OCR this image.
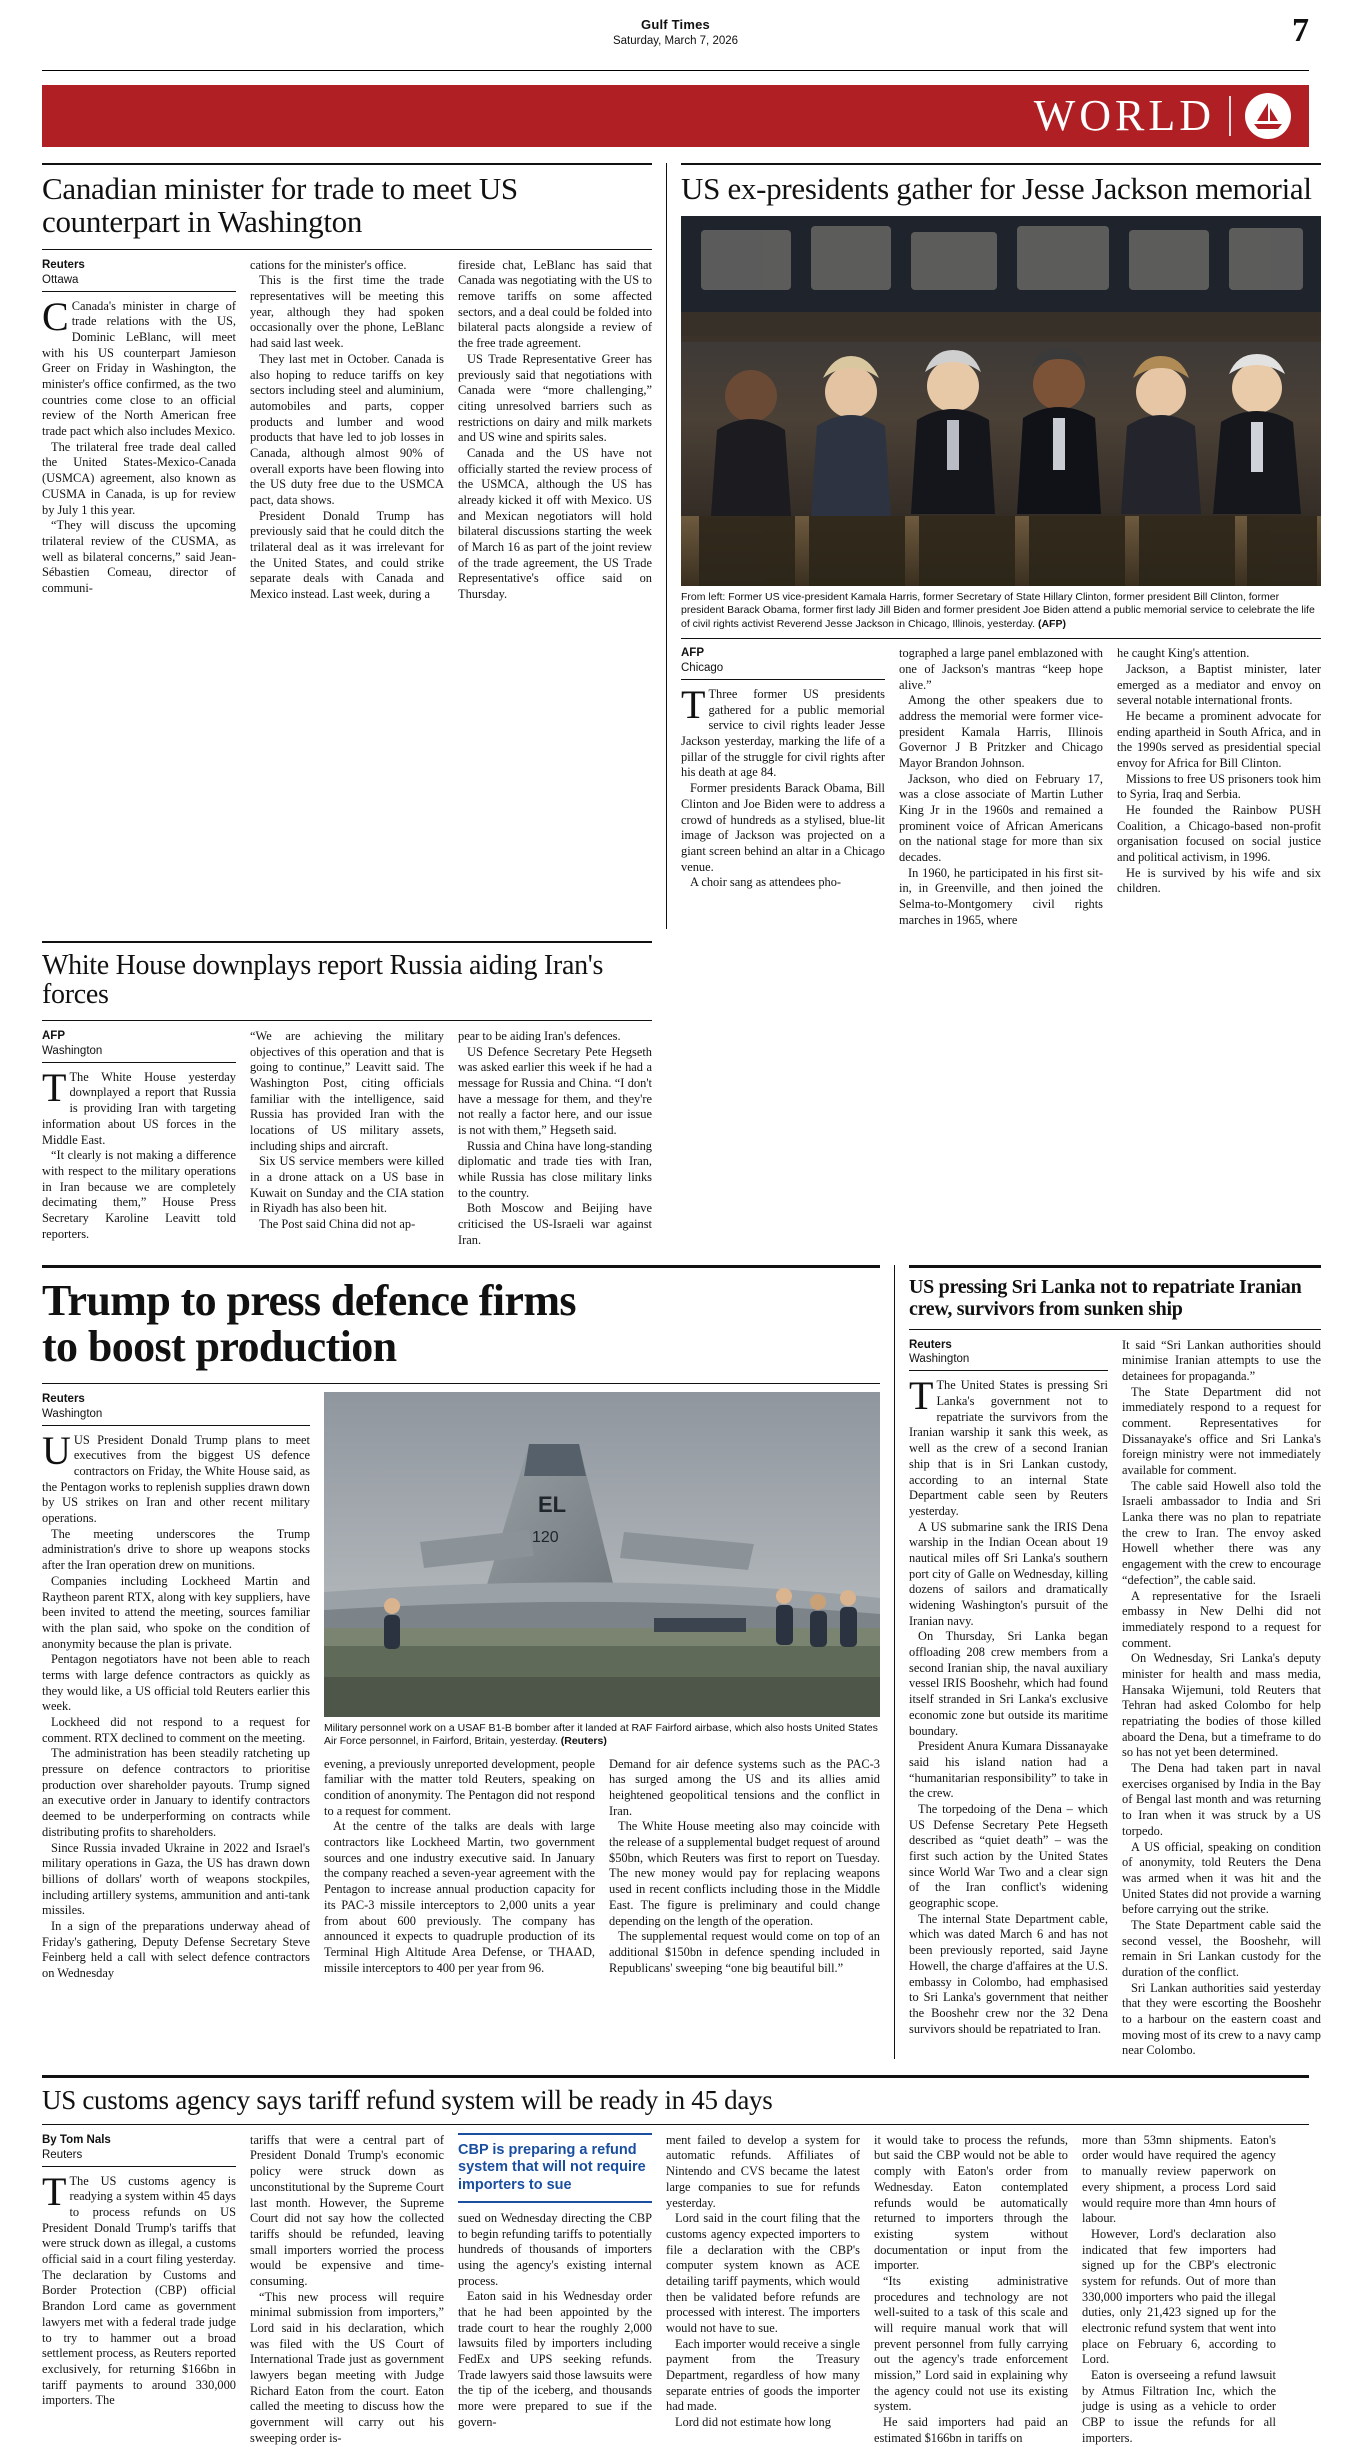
Gulf Times
Saturday, March 7, 2026	7
WORLD
Canadian minister for trade to meet US counterpart in Washington
Reuters
Ottawa

C Canada's minister in charge of trade relations with the US, Dominic LeBlanc, will meet with his US counterpart Jamieson Greer on Friday in Washington, the minister's office confirmed, as the two countries come close to an official review of the North American free trade pact which also includes Mexico.

The trilateral free trade deal called the United States-Mexico-Canada (USMCA) agreement, also known as CUSMA in Canada, is up for review by July 1 this year.

“They will discuss the upcoming trilateral review of the CUSMA, as well as bilateral concerns,” said Jean-Sébastien Comeau, director of communi-

cations for the minister's office.

This is the first time the trade representatives will be meeting this year, although they had spoken occasionally over the phone, LeBlanc had said last week.

They last met in October. Canada is also hoping to reduce tariffs on key sectors including steel and aluminium, automobiles and parts, copper products and lumber and wood products that have led to job losses in Canada, although almost 90% of overall exports have been flowing into the US duty free due to the USMCA pact, data shows.

President Donald Trump has previously said that he could ditch the trilateral deal as it was irrelevant for the United States, and could strike separate deals with Canada and Mexico instead. Last week, during a

fireside chat, LeBlanc has said that Canada was negotiating with the US to remove tariffs on some affected sectors, and a deal could be folded into bilateral pacts alongside a review of the free trade agreement.

US Trade Representative Greer has previously said that negotiations with Canada were “more challenging,” citing unresolved barriers such as restrictions on dairy and milk markets and US wine and spirits sales.

Canada and the US have not officially started the review process of the USMCA, although the US has already kicked it off with Mexico. US and Mexican negotiators will hold bilateral discussions starting the week of March 16 as part of the joint review of the trade agreement, the US Trade Representative's office said on Thursday.

US ex-presidents gather for Jesse Jackson memorial

From left: Former US vice-president Kamala Harris, former Secretary of State Hillary Clinton, former president Bill Clinton, former president Barack Obama, former first lady Jill Biden and former president Joe Biden attend a public memorial service to celebrate the life of civil rights activist Reverend Jesse Jackson in Chicago, Illinois, yesterday. (AFP)

AFP
Chicago

T Three former US presidents gathered for a public memorial service to civil rights leader Jesse Jackson yesterday, marking the life of a pillar of the struggle for civil rights after his death at age 84.

Former presidents Barack Obama, Bill Clinton and Joe Biden were to address a crowd of hundreds as a stylised, blue-lit image of Jackson was projected on a giant screen behind an altar in a Chicago venue.

A choir sang as attendees pho-

tographed a large panel emblazoned with one of Jackson's mantras “keep hope alive.”

Among the other speakers due to address the memorial were former vice-president Kamala Harris, Illinois Governor J B Pritzker and Chicago Mayor Brandon Johnson.

Jackson, who died on February 17, was a close associate of Martin Luther King Jr in the 1960s and remained a prominent voice of African Americans on the national stage for more than six decades.

In 1960, he participated in his first sit-in, in Greenville, and then joined the Selma-to-Montgomery civil rights marches in 1965, where

he caught King's attention.

Jackson, a Baptist minister, later emerged as a mediator and envoy on several notable international fronts.

He became a prominent advocate for ending apartheid in South Africa, and in the 1990s served as presidential special envoy for Africa for Bill Clinton.

Missions to free US prisoners took him to Syria, Iraq and Serbia.

He founded the Rainbow PUSH Coalition, a Chicago-based non-profit organisation focused on social justice and political activism, in 1996.

He is survived by his wife and six children.

White House downplays report Russia aiding Iran's forces
AFP
Washington

T The White House yesterday downplayed a report that Russia is providing Iran with targeting information about US forces in the Middle East.

“It clearly is not making a difference with respect to the military operations in Iran because we are completely decimating them,” House Press Secretary Karoline Leavitt told reporters.

“We are achieving the military objectives of this operation and that is going to continue,” Leavitt said. The Washington Post, citing officials familiar with the intelligence, said Russia has provided Iran with the locations of US military assets, including ships and aircraft.

Six US service members were killed in a drone attack on a US base in Kuwait on Sunday and the CIA station in Riyadh has also been hit.

The Post said China did not ap-

pear to be aiding Iran's defences.

US Defence Secretary Pete Hegseth was asked earlier this week if he had a message for Russia and China. “I don't have a message for them, and they're not really a factor here, and our issue is not with them,” Hegseth said.

Russia and China have long-standing diplomatic and trade ties with Iran, while Russia has close military links to the country.

Both Moscow and Beijing have criticised the US-Israeli war against Iran.

Trump to press defence firms to boost production
Reuters
Washington

UUS President Donald Trump plans to meet executives from the biggest US defence contractors on Friday, the White House said, as the Pentagon works to replenish supplies drawn down by US strikes on Iran and other recent military operations.

The meeting underscores the Trump administration's drive to shore up weapons stocks after the Iran operation drew on munitions.

Companies including Lockheed Martin and Raytheon parent RTX, along with key suppliers, have been invited to attend the meeting, sources familiar with the plan said, who spoke on the condition of anonymity because the plan is private.

Pentagon negotiators have not been able to reach terms with large defence contractors as quickly as they would like, a US official told Reuters earlier this week.

Lockheed did not respond to a request for comment. RTX declined to comment on the meeting.

The administration has been steadily ratcheting up pressure on defence contractors to prioritise production over shareholder payouts. Trump signed an executive order in January to identify contractors deemed to be underperforming on contracts while distributing profits to shareholders.

Since Russia invaded Ukraine in 2022 and Israel's military operations in Gaza, the US has drawn down billions of dollars' worth of weapons stockpiles, including artillery systems, ammunition and anti-tank missiles.

In a sign of the preparations underway ahead of Friday's gathering, Deputy Defense Secretary Steve Feinberg held a call with select defence contractors on Wednesday

EL
120

Military personnel work on a USAF B1-B bomber after it landed at RAF Fairford airbase, which also hosts United States Air Force personnel, in Fairford, Britain, yesterday. (Reuters)

evening, a previously unreported development, people familiar with the matter told Reuters, speaking on condition of anonymity. The Pentagon did not respond to a request for comment.

At the centre of the talks are deals with large contractors like Lockheed Martin, two government sources and one industry executive said. In January the company reached a seven-year agreement with the Pentagon to increase annual production capacity for its PAC-3 missile interceptors to 2,000 units a year from about 600 previously. The company has announced it expects to quadruple production of its Terminal High Altitude Area Defense, or THAAD, missile interceptors to 400 per year from 96.

Demand for air defence systems such as the PAC-3 has surged among the US and its allies amid heightened geopolitical tensions and the conflict in Iran.

The White House meeting also may coincide with the release of a supplemental budget request of around $50bn, which Reuters was first to report on Tuesday. The new money would pay for replacing weapons used in recent conflicts including those in the Middle East. The figure is preliminary and could change depending on the length of the operation.

The supplemental request would come on top of an additional $150bn in defence spending included in Republicans' sweeping “one big beautiful bill.”

US pressing Sri Lanka not to repatriate Iranian crew, survivors from sunken ship
Reuters
Washington

T The United States is pressing Sri Lanka's government not to repatriate the survivors from the Iranian warship it sank this week, as well as the crew of a second Iranian ship that is in Sri Lankan custody, according to an internal State Department cable seen by Reuters yesterday.

A US submarine sank the IRIS Dena warship in the Indian Ocean about 19 nautical miles off Sri Lanka's southern port city of Galle on Wednesday, killing dozens of sailors and dramatically widening Washington's pursuit of the Iranian navy.

On Thursday, Sri Lanka began offloading 208 crew members from a second Iranian ship, the naval auxiliary vessel IRIS Booshehr, which had found itself stranded in Sri Lanka's exclusive economic zone but outside its maritime boundary.

President Anura Kumara Dissanayake said his island nation had a “humanitarian responsibility” to take in the crew.

The torpedoing of the Dena – which US Defense Secretary Pete Hegseth described as “quiet death” – was the first such action by the United States since World War Two and a clear sign of the Iran conflict's widening geographic scope.

The internal State Department cable, which was dated March 6 and has not been previously reported, said Jayne Howell, the charge d'affaires at the U.S. embassy in Colombo, had emphasised to Sri Lanka's government that neither the Booshehr crew nor the 32 Dena survivors should be repatriated to Iran.

It said “Sri Lankan authorities should minimise Iranian attempts to use the detainees for propaganda.”

The State Department did not immediately respond to a request for comment. Representatives for Dissanayake's office and Sri Lanka's foreign ministry were not immediately available for comment.

The cable said Howell also told the Israeli ambassador to India and Sri Lanka there was no plan to repatriate the crew to Iran. The envoy asked Howell whether there was any engagement with the crew to encourage “defection”, the cable said.

A representative for the Israeli embassy in New Delhi did not immediately respond to a request for comment.

On Wednesday, Sri Lanka's deputy minister for health and mass media, Hansaka Wijemuni, told Reuters that Tehran had asked Colombo for help repatriating the bodies of those killed aboard the Dena, but a timeframe to do so has not yet been determined.

The Dena had taken part in naval exercises organised by India in the Bay of Bengal last month and was returning to Iran when it was struck by a US torpedo.

A US official, speaking on condition of anonymity, told Reuters the Dena was armed when it was hit and the United States did not provide a warning before carrying out the strike.

The State Department cable said the second vessel, the Booshehr, will remain in Sri Lankan custody for the duration of the conflict.

Sri Lankan authorities said yesterday that they were escorting the Booshehr to a harbour on the eastern coast and moving most of its crew to a navy camp near Colombo.

US customs agency says tariff refund system will be ready in 45 days
By Tom Nals
Reuters

T The US customs agency is readying a system within 45 days to process refunds on US President Donald Trump's tariffs that were struck down as illegal, a customs official said in a court filing yesterday. The declaration by Customs and Border Protection (CBP) official Brandon Lord came as government lawyers met with a federal trade judge to try to hammer out a broad settlement process, as Reuters reported exclusively, for returning $166bn in tariff payments to around 330,000 importers. The

tariffs that were a central part of President Donald Trump's economic policy were struck down as unconstitutional by the Supreme Court last month. However, the Supreme Court did not say how the collected tariffs should be refunded, leaving small importers worried the process would be expensive and time-consuming.

“This new process will require minimal submission from importers,” Lord said in his declaration, which was filed with the US Court of International Trade just as government lawyers began meeting with Judge Richard Eaton from the court. Eaton called the meeting to discuss how the government will carry out his sweeping order is-

CBP is preparing a refund system that will not require importers to sue

sued on Wednesday directing the CBP to begin refunding tariffs to potentially hundreds of thousands of importers using the agency's existing internal process.

Eaton said in his Wednesday order that he had been appointed by the trade court to hear the roughly 2,000 lawsuits filed by importers including FedEx and UPS seeking refunds. Trade lawyers said those lawsuits were the tip of the iceberg, and thousands more were prepared to sue if the govern-

ment failed to develop a system for automatic refunds. Affiliates of Nintendo and CVS became the latest large companies to sue for refunds yesterday.

Lord said in the court filing that the customs agency expected importers to file a declaration with the CBP's computer system known as ACE detailing tariff payments, which would then be validated before refunds are processed with interest. The importers would not have to sue.

Each importer would receive a single payment from the Treasury Department, regardless of how many separate entries of goods the importer had made.

Lord did not estimate how long

it would take to process the refunds, but said the CBP would not be able to comply with Eaton's order from Wednesday. Eaton contemplated refunds would be automatically returned to importers through the existing system without documentation or input from the importer.

“Its existing administrative procedures and technology are not well-suited to a task of this scale and will require manual work that will prevent personnel from fully carrying out the agency's trade enforcement mission,” Lord said in explaining why the agency could not use its existing system.

He said importers had paid an estimated $166bn in tariffs on

more than 53mn shipments. Eaton's order would have required the agency to manually review paperwork on every shipment, a process Lord said would require more than 4mn hours of labour.

However, Lord's declaration also indicated that few importers had signed up for the CBP's electronic system for refunds. Out of more than 330,000 importers who paid the illegal duties, only 21,423 signed up for the electronic refund system that went into place on February 6, according to Lord.

Eaton is overseeing a refund lawsuit by Atmus Filtration Inc, which the judge is using as a vehicle to order CBP to issue the refunds for all importers.
